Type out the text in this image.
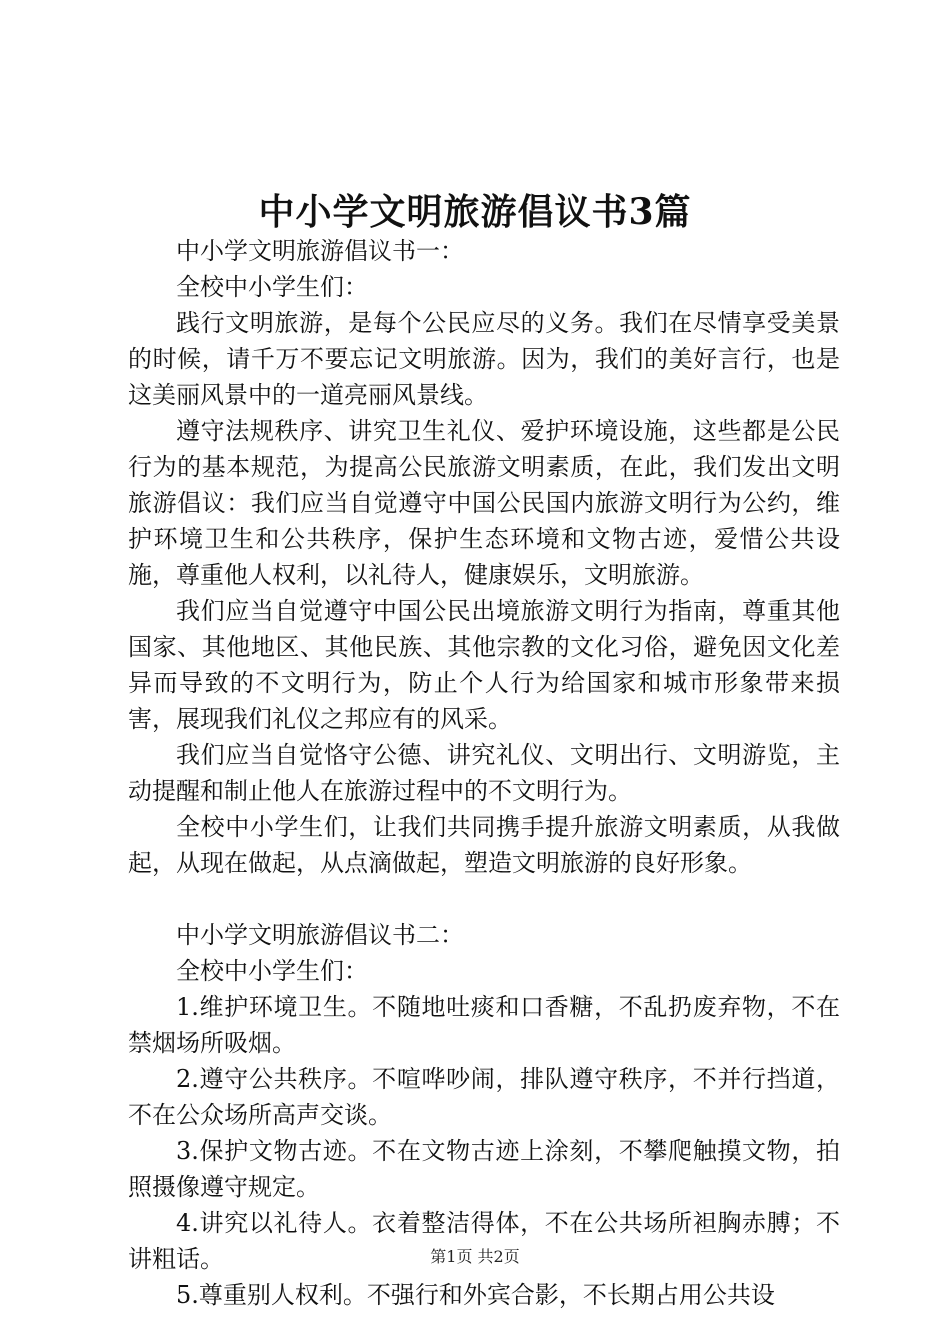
中小学文明旅游倡议书3篇

中小学文明旅游倡议书一：

全校中小学生们：

践行文明旅游，是每个公民应尽的义务。我们在尽情享受美景的时候，请千万不要忘记文明旅游。因为，我们的美好言行，也是这美丽风景中的一道亮丽风景线。

遵守法规秩序、讲究卫生礼仪、爱护环境设施，这些都是公民行为的基本规范，为提高公民旅游文明素质，在此，我们发出文明旅游倡议：我们应当自觉遵守中国公民国内旅游文明行为公约，维护环境卫生和公共秩序，保护生态环境和文物古迹，爱惜公共设施，尊重他人权利，以礼待人，健康娱乐，文明旅游。

我们应当自觉遵守中国公民出境旅游文明行为指南，尊重其他国家、其他地区、其他民族、其他宗教的文化习俗，避免因文化差异而导致的不文明行为，防止个人行为给国家和城市形象带来损害，展现我们礼仪之邦应有的风采。

我们应当自觉恪守公德、讲究礼仪、文明出行、文明游览，主动提醒和制止他人在旅游过程中的不文明行为。

全校中小学生们，让我们共同携手提升旅游文明素质，从我做起，从现在做起，从点滴做起，塑造文明旅游的良好形象。

中小学文明旅游倡议书二：

全校中小学生们：

1.维护环境卫生。不随地吐痰和口香糖，不乱扔废弃物，不在禁烟场所吸烟。

2.遵守公共秩序。不喧哗吵闹，排队遵守秩序，不并行挡道，不在公众场所高声交谈。

3.保护文物古迹。不在文物古迹上涂刻，不攀爬触摸文物，拍照摄像遵守规定。

4.讲究以礼待人。衣着整洁得体，不在公共场所袒胸赤膊；不讲粗话。

5.尊重别人权利。不强行和外宾合影，不长期占用公共设

第1页 共2页
